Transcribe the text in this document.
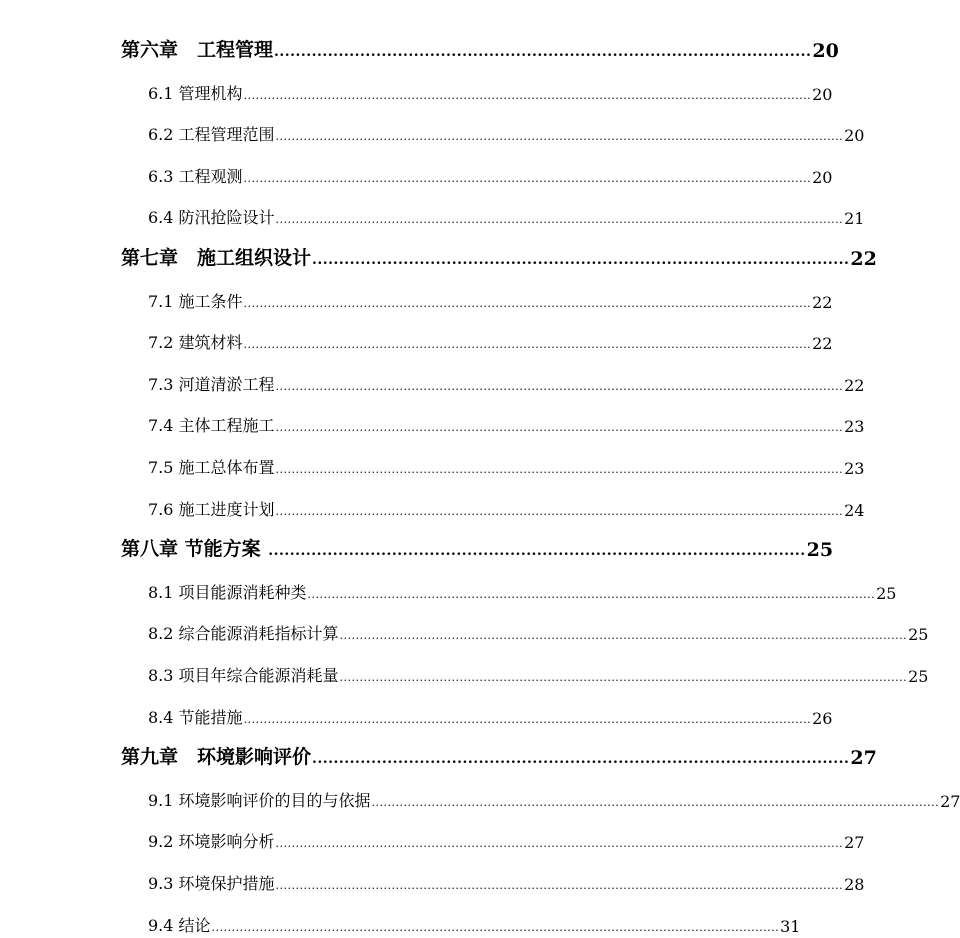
第六章　工程管理 .................................................................................................... 20
6.1 管理机构 .............................................................................................................................................. 20
6.2 工程管理范围 .............................................................................................................................................. 20
6.3 工程观测 .............................................................................................................................................. 20
6.4 防汛抢险设计 .............................................................................................................................................. 21
第七章　施工组织设计 .................................................................................................... 22
7.1 施工条件 .............................................................................................................................................. 22
7.2 建筑材料 .............................................................................................................................................. 22
7.3 河道清淤工程 .............................................................................................................................................. 22
7.4 主体工程施工 .............................................................................................................................................. 23
7.5 施工总体布置 .............................................................................................................................................. 23
7.6 施工进度计划 .............................................................................................................................................. 24
第八章 节能方案 .................................................................................................... 25
8.1 项目能源消耗种类 .............................................................................................................................................. 25
8.2 综合能源消耗指标计算 .............................................................................................................................................. 25
8.3 项目年综合能源消耗量 .............................................................................................................................................. 25
8.4 节能措施 .............................................................................................................................................. 26
第九章　环境影响评价 .................................................................................................... 27
9.1 环境影响评价的目的与依据 .............................................................................................................................................. 27
9.2 环境影响分析 .............................................................................................................................................. 27
9.3 环境保护措施 .............................................................................................................................................. 28
9.4 结论 .............................................................................................................................................. 31
